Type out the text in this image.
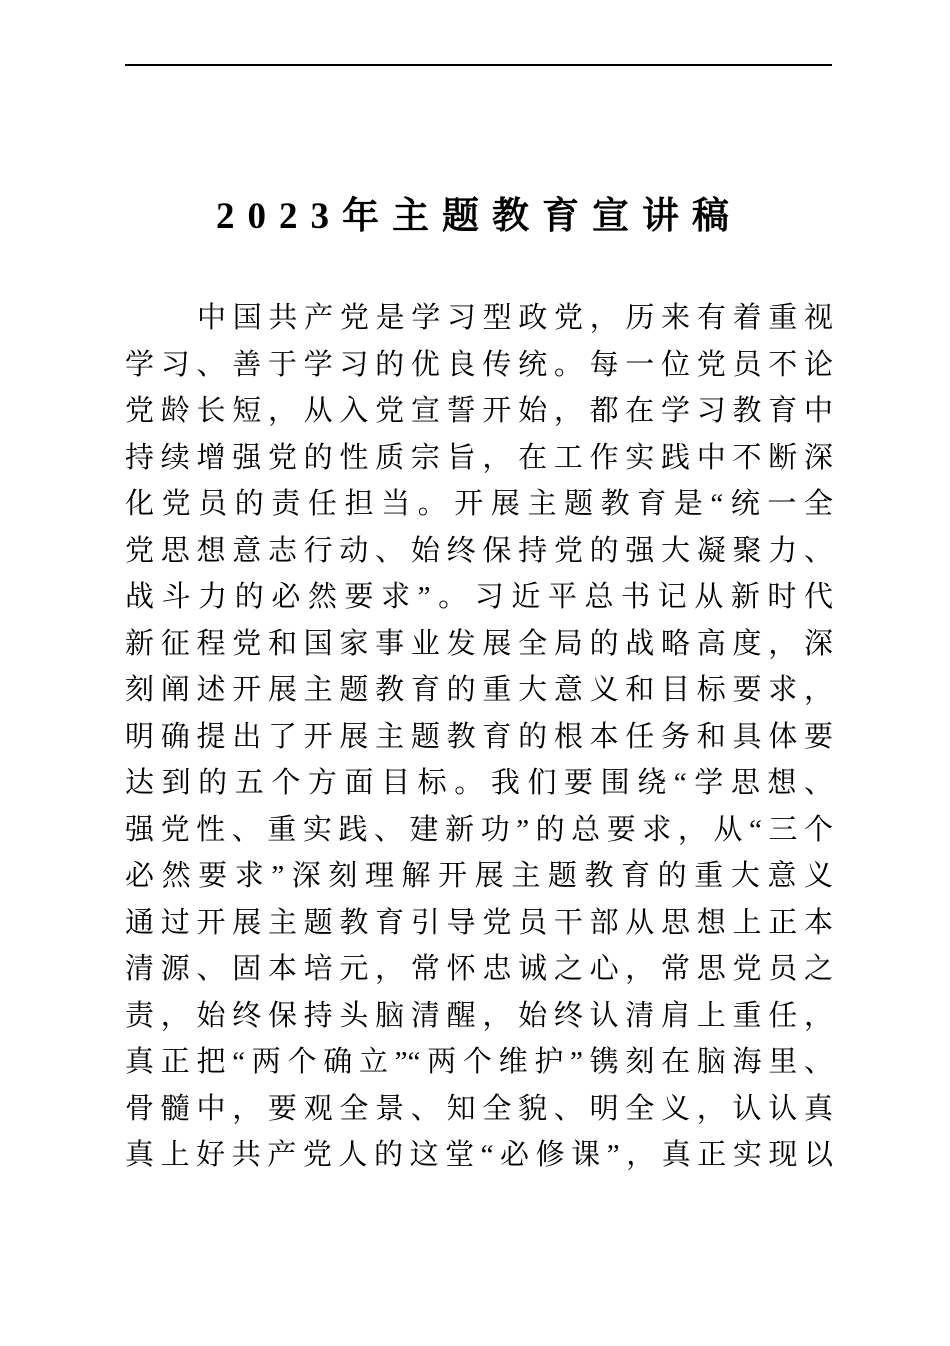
2023年主题教育宣讲稿
中国共产党是学习型政党，历来有着重视
学习、善于学习的优良传统。每一位党员不论
党龄长短，从入党宣誓开始，都在学习教育中
持续增强党的性质宗旨，在工作实践中不断深
化党员的责任担当。开展主题教育是“统一全
党思想意志行动、始终保持党的强大凝聚力、
战斗力的必然要求”。习近平总书记从新时代
新征程党和国家事业发展全局的战略高度，深
刻阐述开展主题教育的重大意义和目标要求，
明确提出了开展主题教育的根本任务和具体要
达到的五个方面目标。我们要围绕“学思想、
强党性、重实践、建新功”的总要求，从“三个
必然要求”深刻理解开展主题教育的重大意义
通过开展主题教育引导党员干部从思想上正本
清源、固本培元，常怀忠诚之心，常思党员之
责，始终保持头脑清醒，始终认清肩上重任，
真正把“两个确立”“两个维护”镌刻在脑海里、
骨髓中，要观全景、知全貌、明全义，认认真
真上好共产党人的这堂“必修课”，真正实现以
